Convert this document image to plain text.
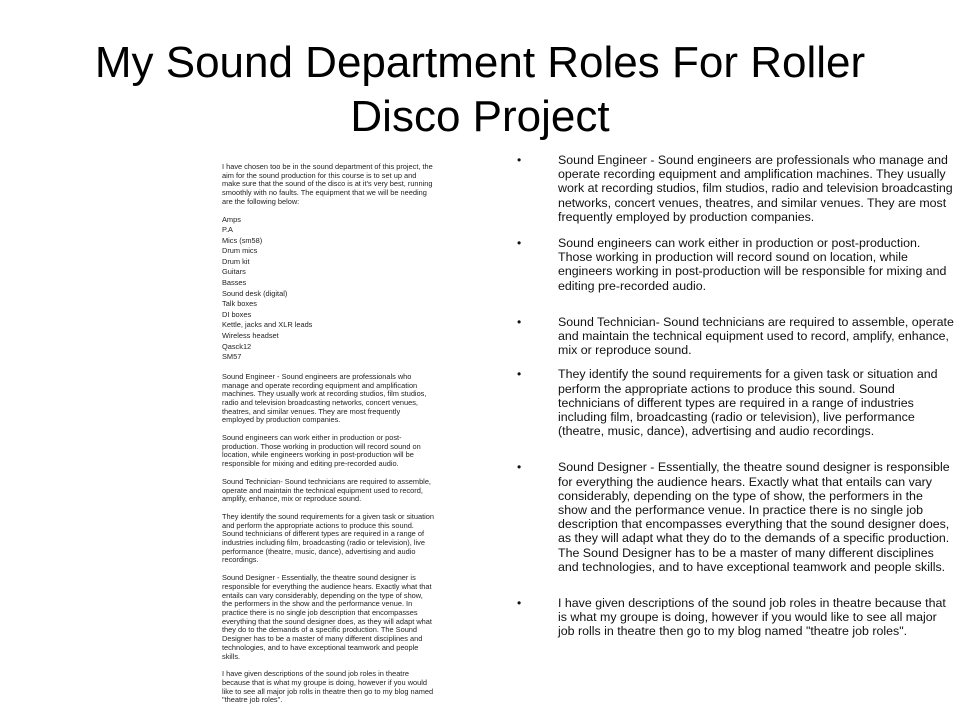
My Sound Department Roles For Roller Disco Project

I have chosen too be in the sound department of this project, the aim for the sound production for this course is to set up and make sure that the sound of the disco is at it's very best, running smoothly with no faults. The equipment that we will be needing are the following below:

Amps
P.A
Mics (sm58)
Drum mics
Drum kit
Guitars
Basses
Sound desk (digital)
Talk boxes
DI boxes
Kettle, jacks and XLR leads
Wireless headset
Qasck12
SM57

Sound Engineer - Sound engineers are professionals who manage and operate recording equipment and amplification machines. They usually work at recording studios, film studios, radio and television broadcasting networks, concert venues, theatres, and similar venues. They are most frequently employed by production companies.

Sound engineers can work either in production or post-production. Those working in production will record sound on location, while engineers working in post-production will be responsible for mixing and editing pre-recorded audio.

Sound Technician- Sound technicians are required to assemble, operate and maintain the technical equipment used to record, amplify, enhance, mix or reproduce sound.

They identify the sound requirements for a given task or situation and perform the appropriate actions to produce this sound. Sound technicians of different types are required in a range of industries including film, broadcasting (radio or television), live performance (theatre, music, dance), advertising and audio recordings.

Sound Designer - Essentially, the theatre sound designer is responsible for everything the audience hears. Exactly what that entails can vary considerably, depending on the type of show, the performers in the show and the performance venue. In practice there is no single job description that encompasses everything that the sound designer does, as they will adapt what they do to the demands of a specific production. The Sound Designer has to be a master of many different disciplines and technologies, and to have exceptional teamwork and people skills.

I have given descriptions of the sound job roles in theatre because that is what my groupe is doing, however if you would like to see all major job rolls in theatre then go to my blog named "theatre job roles".

•	Sound Engineer - Sound engineers are professionals who manage and operate recording equipment and amplification machines. They usually work at recording studios, film studios, radio and television broadcasting networks, concert venues, theatres, and similar venues. They are most frequently employed by production companies.
•	Sound engineers can work either in production or post-production. Those working in production will record sound on location, while engineers working in post-production will be responsible for mixing and editing pre-recorded audio.
•	Sound Technician- Sound technicians are required to assemble, operate and maintain the technical equipment used to record, amplify, enhance, mix or reproduce sound.
•	They identify the sound requirements for a given task or situation and perform the appropriate actions to produce this sound. Sound technicians of different types are required in a range of industries including film, broadcasting (radio or television), live performance (theatre, music, dance), advertising and audio recordings.
•	Sound Designer - Essentially, the theatre sound designer is responsible for everything the audience hears. Exactly what that entails can vary considerably, depending on the type of show, the performers in the show and the performance venue. In practice there is no single job description that encompasses everything that the sound designer does, as they will adapt what they do to the demands of a specific production. The Sound Designer has to be a master of many different disciplines and technologies, and to have exceptional teamwork and people skills.
•	I have given descriptions of the sound job roles in theatre because that is what my groupe is doing, however if you would like to see all major job rolls in theatre then go to my blog named "theatre job roles".
